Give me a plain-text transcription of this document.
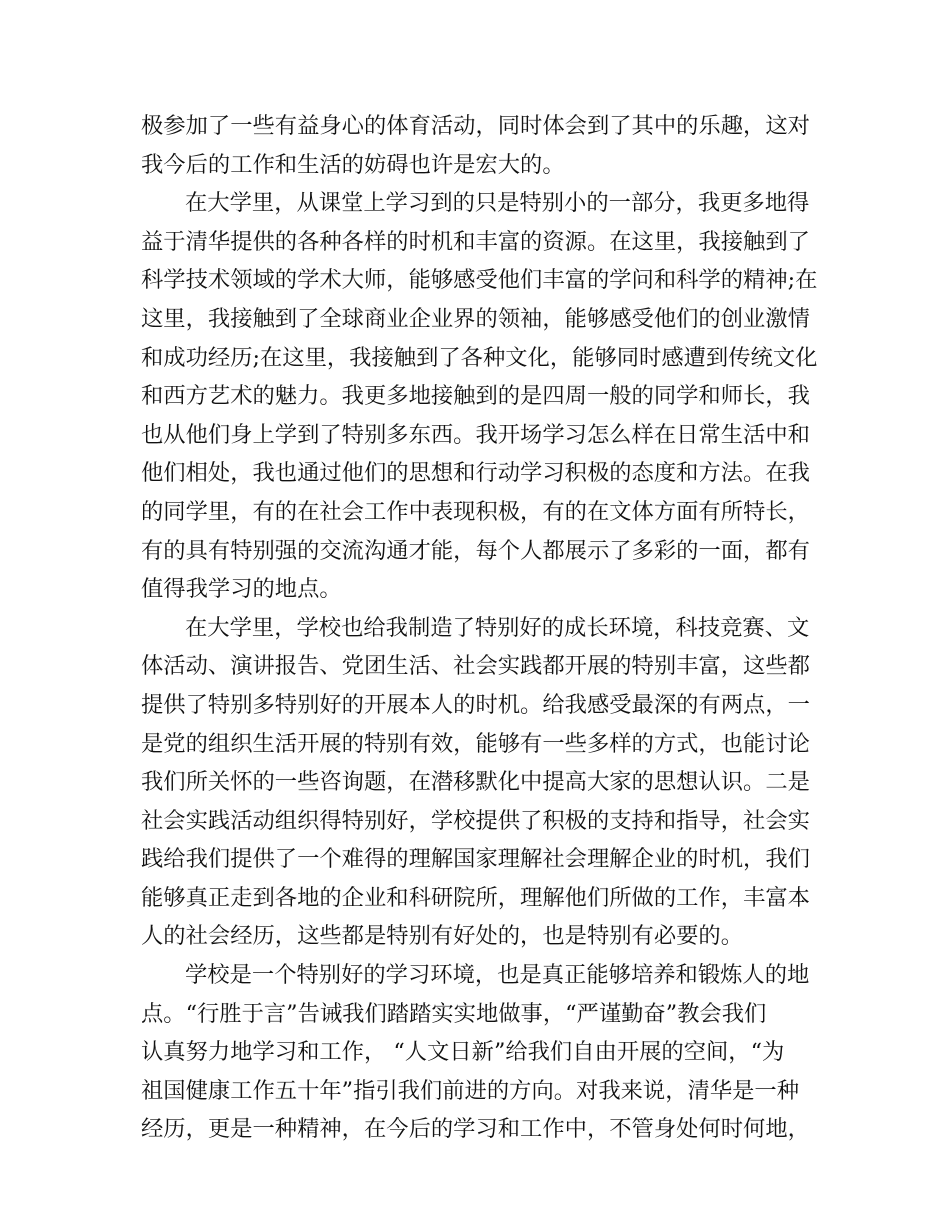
极参加了一些有益身心的体育活动，同时体会到了其中的乐趣，这对
我今后的工作和生活的妨碍也许是宏大的。
在大学里，从课堂上学习到的只是特别小的一部分，我更多地得
益于清华提供的各种各样的时机和丰富的资源。在这里，我接触到了
科学技术领域的学术大师，能够感受他们丰富的学问和科学的精神;在
这里，我接触到了全球商业企业界的领袖，能够感受他们的创业激情
和成功经历;在这里，我接触到了各种文化，能够同时感遭到传统文化
和西方艺术的魅力。我更多地接触到的是四周一般的同学和师长，我
也从他们身上学到了特别多东西。我开场学习怎么样在日常生活中和
他们相处，我也通过他们的思想和行动学习积极的态度和方法。在我
的同学里，有的在社会工作中表现积极，有的在文体方面有所特长，
有的具有特别强的交流沟通才能，每个人都展示了多彩的一面，都有
值得我学习的地点。
在大学里，学校也给我制造了特别好的成长环境，科技竞赛、文
体活动、演讲报告、党团生活、社会实践都开展的特别丰富，这些都
提供了特别多特别好的开展本人的时机。给我感受最深的有两点，一
是党的组织生活开展的特别有效，能够有一些多样的方式，也能讨论
我们所关怀的一些咨询题，在潜移默化中提高大家的思想认识。二是
社会实践活动组织得特别好，学校提供了积极的支持和指导，社会实
践给我们提供了一个难得的理解国家理解社会理解企业的时机，我们
能够真正走到各地的企业和科研院所，理解他们所做的工作，丰富本
人的社会经历，这些都是特别有好处的，也是特别有必要的。
学校是一个特别好的学习环境，也是真正能够培养和锻炼人的地
点。“行胜于言”告诫我们踏踏实实地做事，“严谨勤奋”教会我们
认真努力地学习和工作， “人文日新”给我们自由开展的空间，“为
祖国健康工作五十年”指引我们前进的方向。对我来说，清华是一种
经历，更是一种精神，在今后的学习和工作中，不管身处何时何地，
